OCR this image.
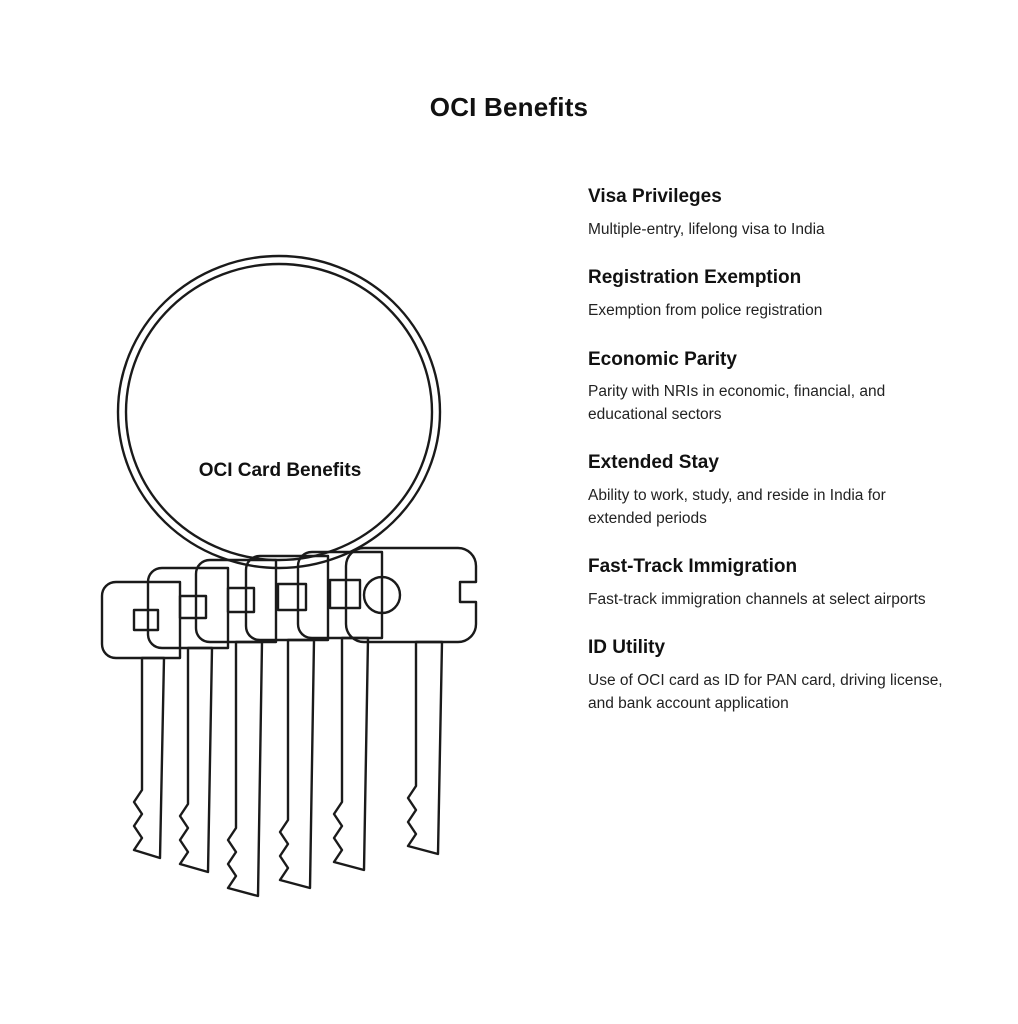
OCI Benefits
OCI Card Benefits
Visa Privileges
Multiple-entry, lifelong visa to India
Registration Exemption
Exemption from police registration
Economic Parity
Parity with NRIs in economic, financial, and educational sectors
Extended Stay
Ability to work, study, and reside in India for extended periods
Fast-Track Immigration
Fast-track immigration channels at select airports
ID Utility
Use of OCI card as ID for PAN card, driving license, and bank account application
